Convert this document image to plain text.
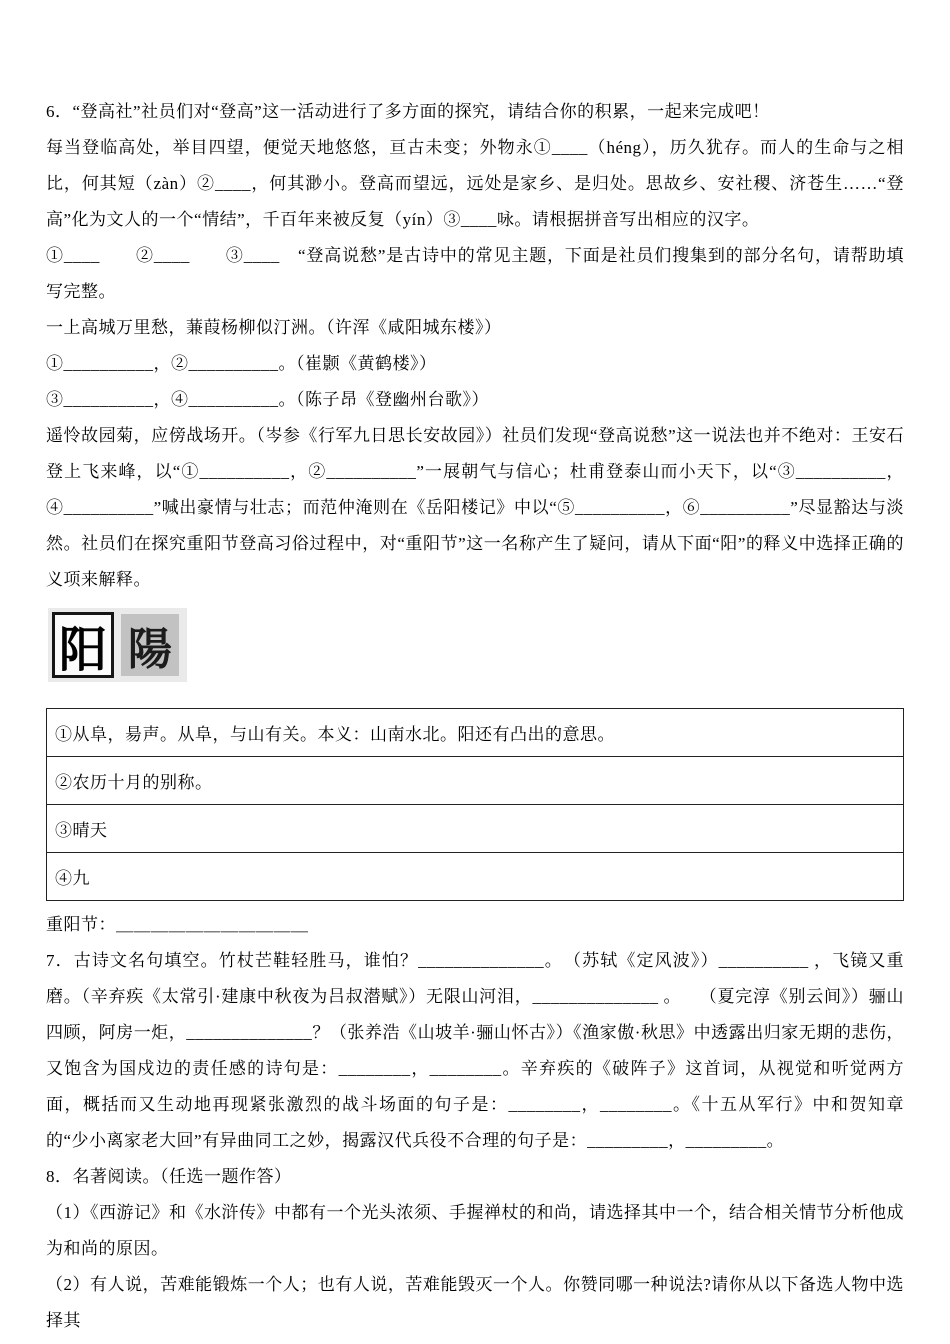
6．“登高社”社员们对“登高”这一活动进行了多方面的探究，请结合你的积累，一起来完成吧！

每当登临高处，举目四望，便觉天地悠悠，亘古未变；外物永①____（héng），历久犹存。而人的生命与之相比，何其短（zàn）②____，何其渺小。登高而望远，远处是家乡、是归处。思故乡、安社稷、济苍生……“登高”化为文人的一个“情结”，千百年来被反复（yín）③____咏。请根据拼音写出相应的汉字。

①____　　②____　　③____　“登高说愁”是古诗中的常见主题，下面是社员们搜集到的部分名句，请帮助填写完整。

一上高城万里愁，蒹葭杨柳似汀洲。（许浑《咸阳城东楼》）

①__________，②__________。（崔颢《黄鹤楼》）

③__________，④__________。（陈子昂《登幽州台歌》）

遥怜故园菊，应傍战场开。（岑参《行军九日思长安故园》）社员们发现“登高说愁”这一说法也并不绝对：王安石登上飞来峰，以“①__________，②__________”一展朝气与信心；杜甫登泰山而小天下，以“③__________，④__________”喊出豪情与壮志；而范仲淹则在《岳阳楼记》中以“⑤__________，⑥__________”尽显豁达与淡然。社员们在探究重阳节登高习俗过程中，对“重阳节”这一名称产生了疑问，请从下面“阳”的释义中选择正确的义项来解释。

阳 陽
①从阜，昜声。从阜，与山有关。本义：山南水北。阳还有凸出的意思。
②农历十月的别称。
③晴天
④九

重阳节：＿＿＿＿＿＿＿＿＿＿＿

7．古诗文名句填空。竹杖芒鞋轻胜马，谁怕？______________。　（苏轼《定风波》）__________ ，飞镜又重磨。（辛弃疾《太常引·建康中秋夜为吕叔潜赋》）无限山河泪，______________ 。　　（夏完淳《别云间》）骊山四顾，阿房一炬，______________？（张养浩《山坡羊·骊山怀古》）《渔家傲·秋思》中透露出归家无期的悲伤，又饱含为国戍边的责任感的诗句是：________，________。辛弃疾的《破阵子》这首词，从视觉和听觉两方面，概括而又生动地再现紧张激烈的战斗场面的句子是：________，________。《十五从军行》中和贺知章的“少小离家老大回”有异曲同工之妙，揭露汉代兵役不合理的句子是：_________，_________。

8．名著阅读。（任选一题作答）

（1）《西游记》和《水浒传》中都有一个光头浓须、手握禅杖的和尚，请选择其中一个，结合相关情节分析他成为和尚的原因。

（2）有人说，苦难能锻炼一个人；也有人说，苦难能毁灭一个人。你赞同哪一种说法?请你从以下备选人物中选择其
